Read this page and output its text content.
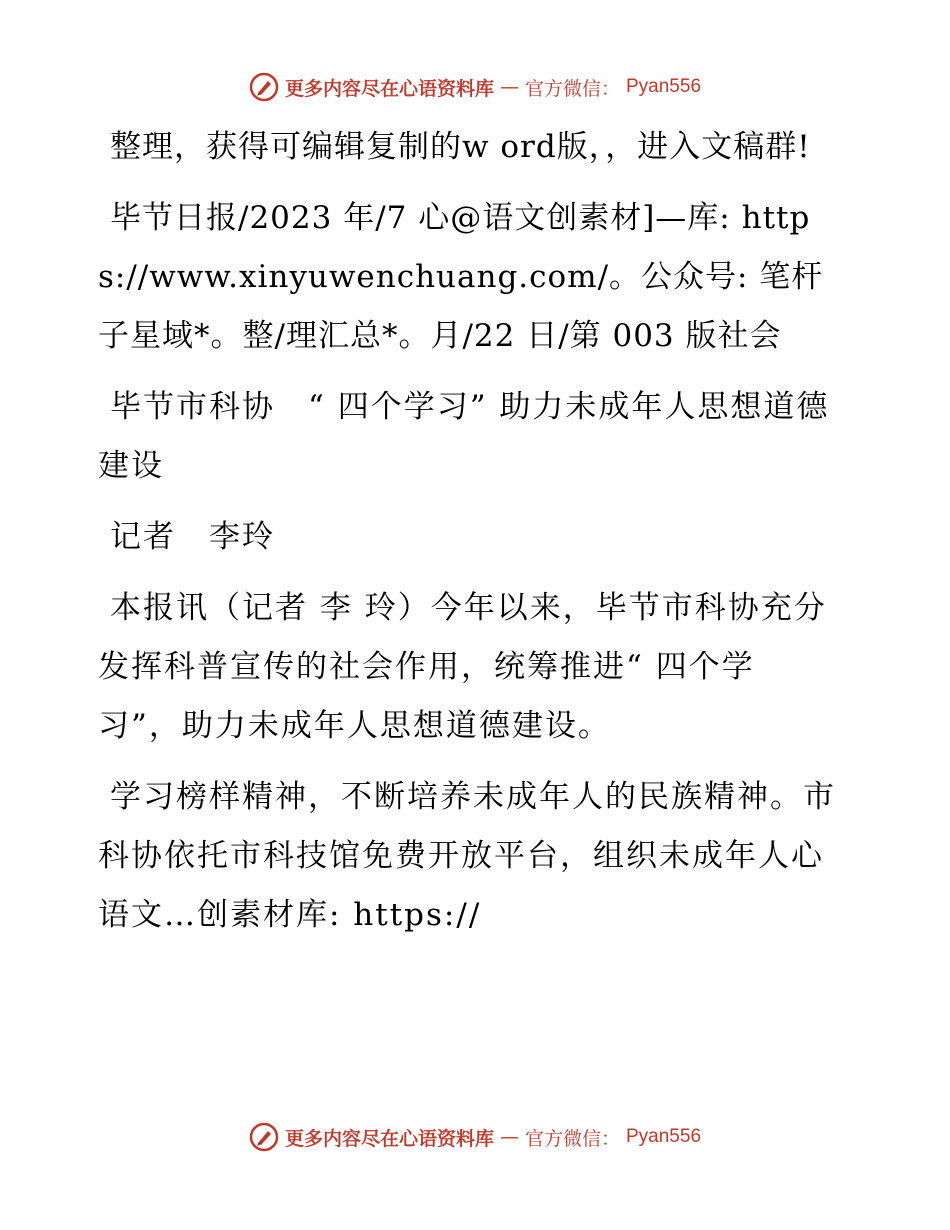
更多内容尽在心语资料库 — 官方微信： Pyan556

整理，获得可编辑复制的w ord版，，进入文稿群!

毕节日报/2023 年/7 心@语文创素材]—库: https://www.xinyuwenchuang.com/。公众号: 笔杆子星域*。整/理汇总*。月/22 日/第 003 版社会

毕节市科协　“ 四个学习” 助力未成年人思想道德建设

记者　李玲

本报讯（记者 李 玲）今年以来，毕节市科协充分发挥科普宣传的社会作用，统筹推进“ 四个学习”，助力未成年人思想道德建设。

学习榜样精神，不断培养未成年人的民族精神。市科协依托市科技馆免费开放平台，组织未成年人心语文…创素材库: https://

更多内容尽在心语资料库 — 官方微信： Pyan556
